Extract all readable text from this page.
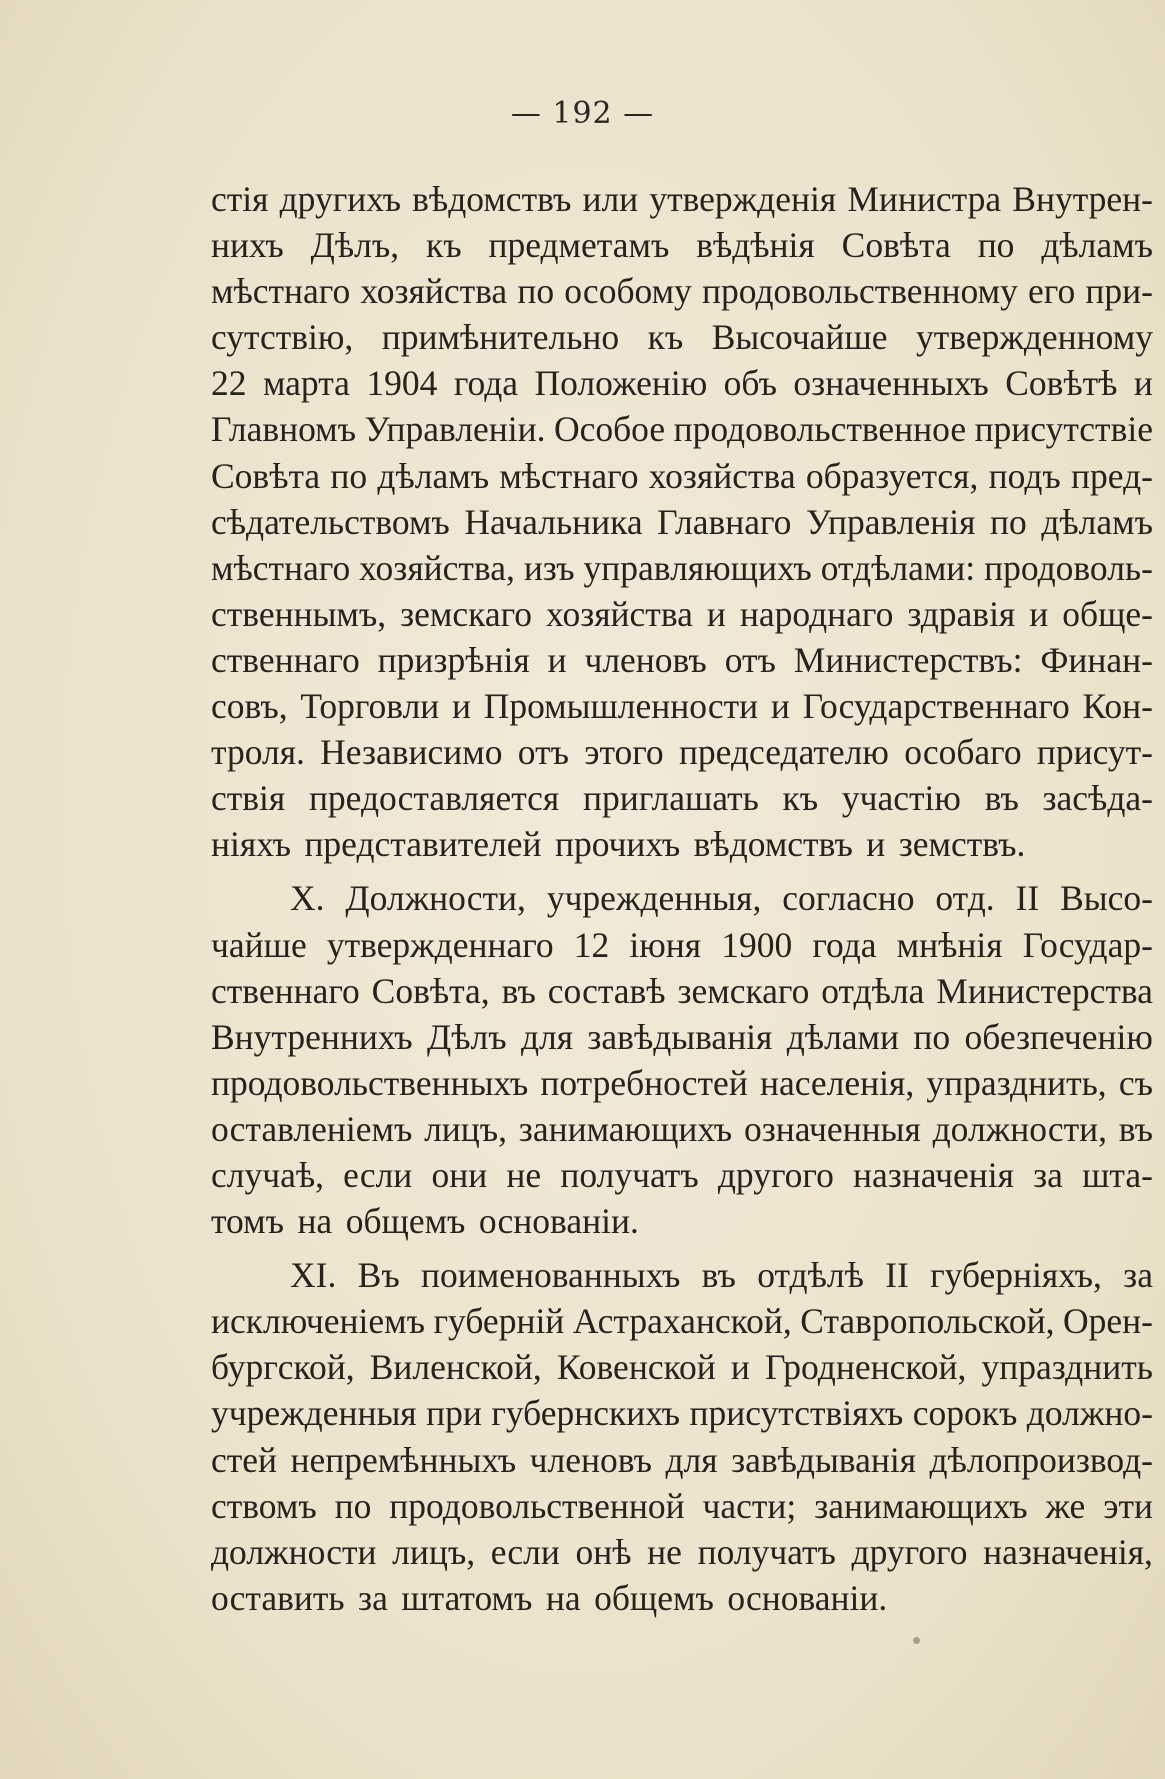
— 192 —
стія другихъ вѣдомствъ или утвержденія Министра Внутрен-
нихъ Дѣлъ, къ предметамъ вѣдѣнія Совѣта по дѣламъ
мѣстнаго хозяйства по особому продовольственному его при-
сутствію, примѣнительно къ Высочайше утвержденному
22 марта 1904 года Положенію объ означенныхъ Совѣтѣ и
Главномъ Управленіи. Особое продовольственное присутствіе
Совѣта по дѣламъ мѣстнаго хозяйства образуется, подъ пред-
сѣдательствомъ Начальника Главнаго Управленія по дѣламъ
мѣстнаго хозяйства, изъ управляющихъ отдѣлами: продоволь-
ственнымъ, земскаго хозяйства и народнаго здравія и обще-
ственнаго призрѣнія и членовъ отъ Министерствъ: Финан-
совъ, Торговли и Промышленности и Государственнаго Кон-
троля. Независимо отъ этого председателю особаго присут-
ствія предоставляется приглашать къ участію въ засѣда-
ніяхъ представителей прочихъ вѣдомствъ и земствъ.
X. Должности, учрежденныя, согласно отд. II Высо-
чайше утвержденнаго 12 іюня 1900 года мнѣнія Государ-
ственнаго Совѣта, въ составѣ земскаго отдѣла Министерства
Внутреннихъ Дѣлъ для завѣдыванія дѣлами по обезпеченію
продовольственныхъ потребностей населенія, упразднить, съ
оставленіемъ лицъ, занимающихъ означенныя должности, въ
случаѣ, если они не получатъ другого назначенія за шта-
томъ на общемъ основаніи.
XI. Въ поименованныхъ въ отдѣлѣ II губерніяхъ, за
исключеніемъ губерній Астраханской, Ставропольской, Орен-
бургской, Виленской, Ковенской и Гродненской, упразднить
учрежденныя при губернскихъ присутствіяхъ сорокъ должно-
стей непремѣнныхъ членовъ для завѣдыванія дѣлопроизвод-
ствомъ по продовольственной части; занимающихъ же эти
должности лицъ, если онѣ не получатъ другого назначенія,
оставить за штатомъ на общемъ основаніи.
